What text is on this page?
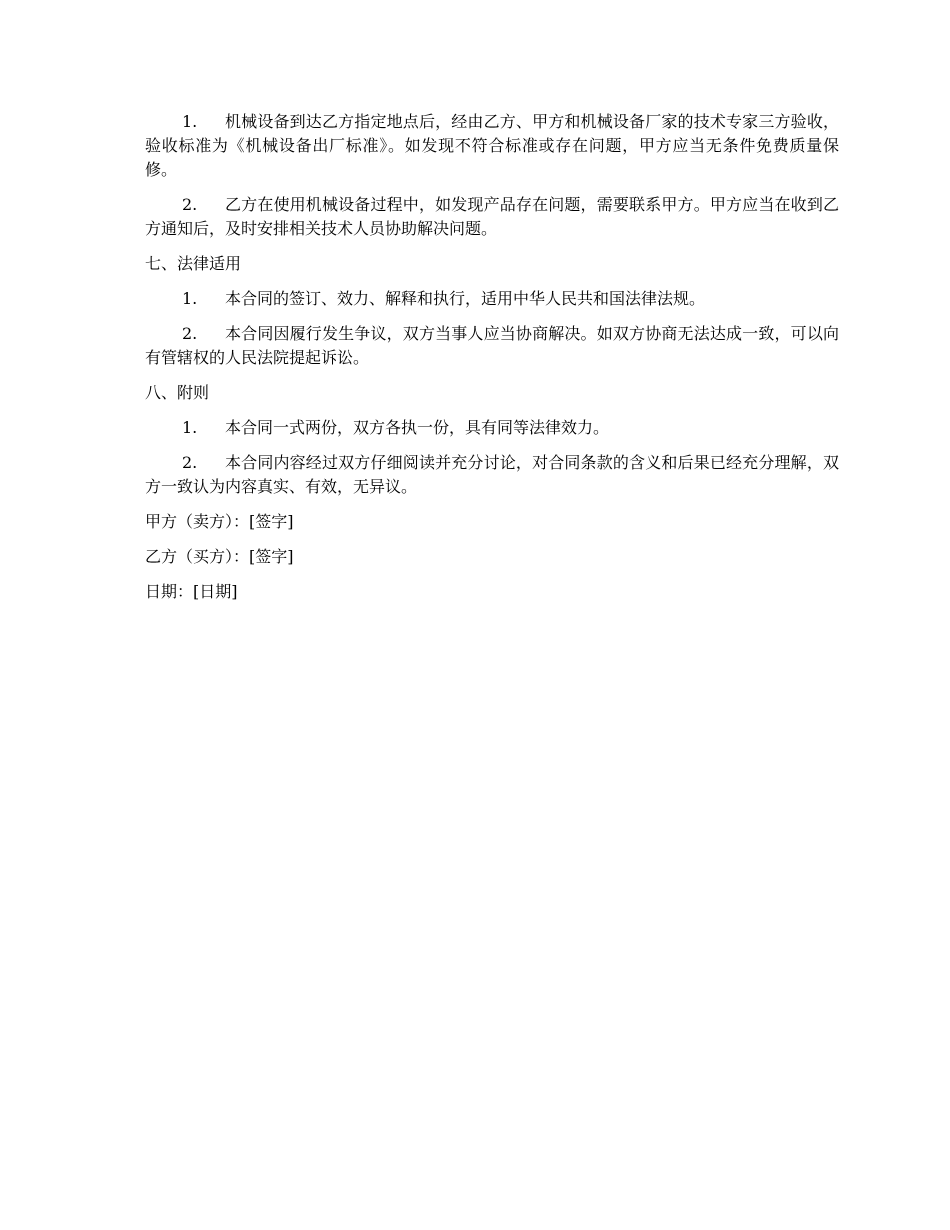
1.	机械设备到达乙方指定地点后，经由乙方、甲方和机械设备厂家的技术专家三方验收，验收标准为《机械设备出厂标准》。如发现不符合标准或存在问题，甲方应当无条件免费质量保修。
2.	乙方在使用机械设备过程中，如发现产品存在问题，需要联系甲方。甲方应当在收到乙方通知后，及时安排相关技术人员协助解决问题。
七、法律适用
1.	本合同的签订、效力、解释和执行，适用中华人民共和国法律法规。
2.	本合同因履行发生争议，双方当事人应当协商解决。如双方协商无法达成一致，可以向有管辖权的人民法院提起诉讼。
八、附则
1.	本合同一式两份，双方各执一份，具有同等法律效力。
2.	本合同内容经过双方仔细阅读并充分讨论，对合同条款的含义和后果已经充分理解，双方一致认为内容真实、有效，无异议。
甲方（卖方）：[签字]
乙方（买方）：[签字]
日期：[日期]
